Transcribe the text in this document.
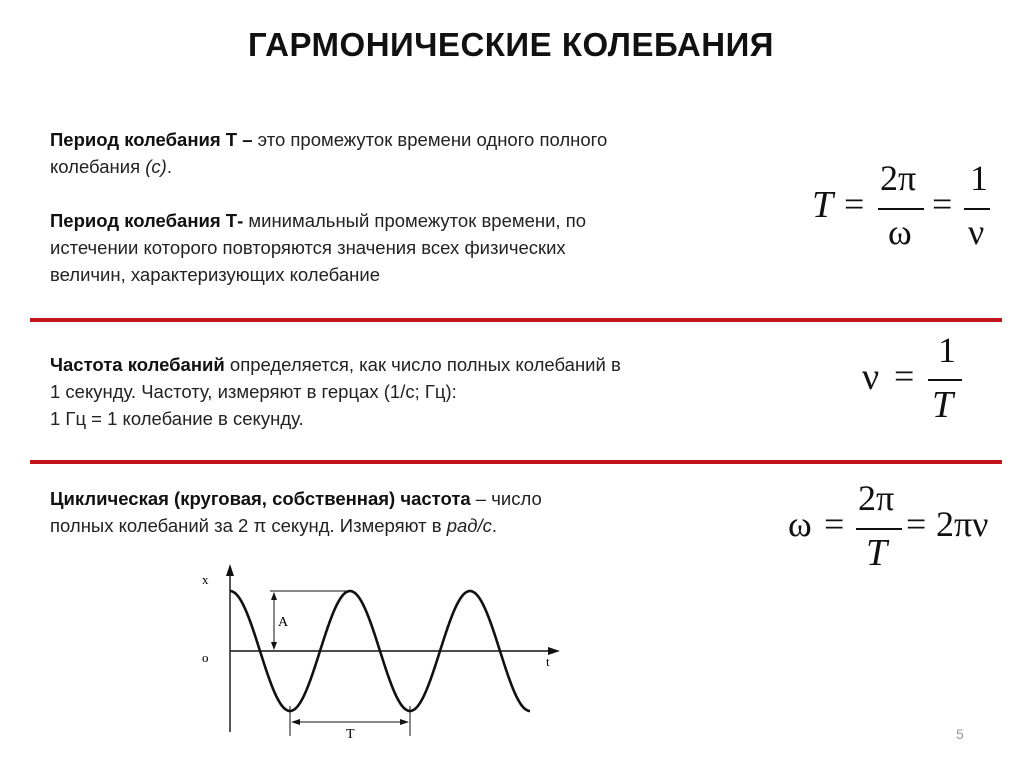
ГАРМОНИЧЕСКИЕ КОЛЕБАНИЯ
Период колебания Т – это промежуток времени одного полного
колебания (с).
Период колебания Т- минимальный промежуток времени, по
истечении которого повторяются значения всех физических
величин, характеризующих колебание
T =
2π
ω
=
1
ν
Частота колебаний определяется, как число полных колебаний в
1 секунду. Частоту, измеряют в герцах (1/с; Гц):
1 Гц = 1 колебание в секунду.
ν =
1
T
Циклическая (круговая, собственная) частота – число
полных колебаний за 2 π секунд. Измеряют в рад/с.	ω =
2π
T
= 2πν
x
t
o
A
T	5
